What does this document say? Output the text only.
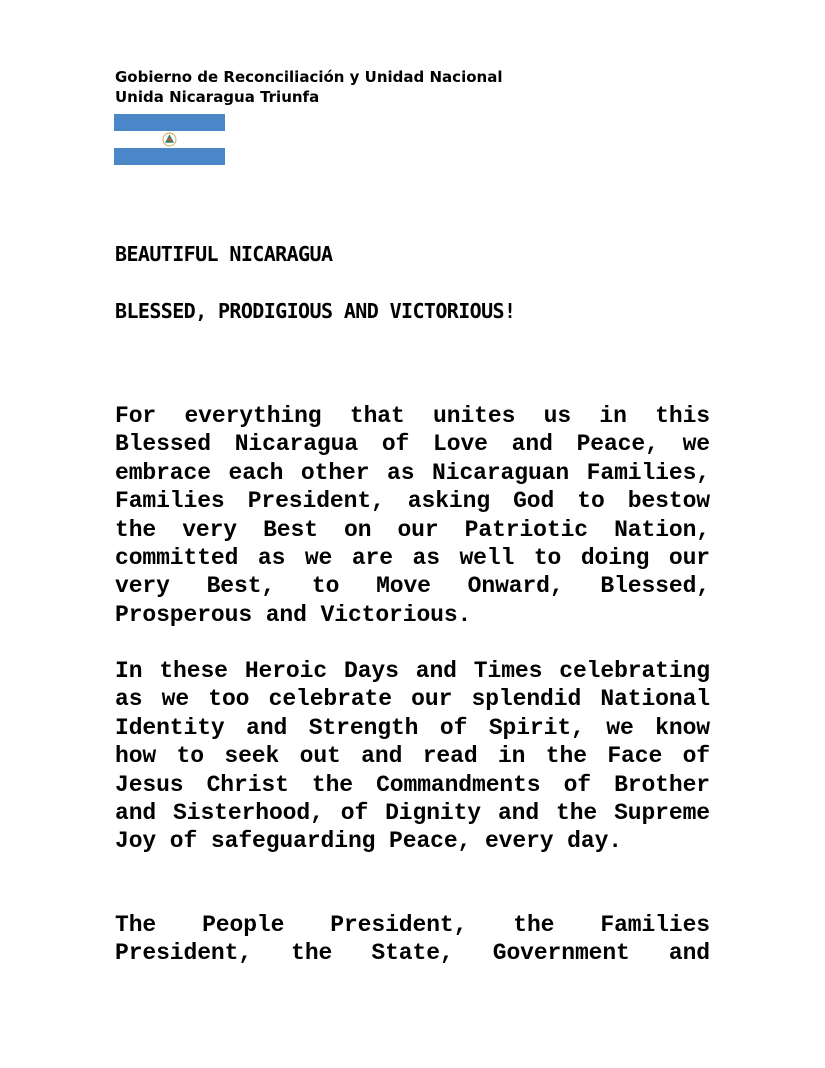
Gobierno de Reconciliación y Unidad Nacional
Unida Nicaragua Triunfa
BEAUTIFUL NICARAGUA
BLESSED, PRODIGIOUS AND VICTORIOUS!
For everything that unites us in this Blessed Nicaragua of Love and Peace, we embrace each other as Nicaraguan Families, Families President, asking God to bestow the very Best on our Patriotic Nation, committed as we are as well to doing our very Best, to Move Onward, Blessed, Prosperous and Victorious.
In these Heroic Days and Times celebrating as we too celebrate our splendid National Identity and Strength of Spirit, we know how to seek out and read in the Face of Jesus Christ the Commandments of Brother and Sisterhood, of Dignity and the Supreme Joy of safeguarding Peace, every day.
The People President, the Families President, the State, Government and
